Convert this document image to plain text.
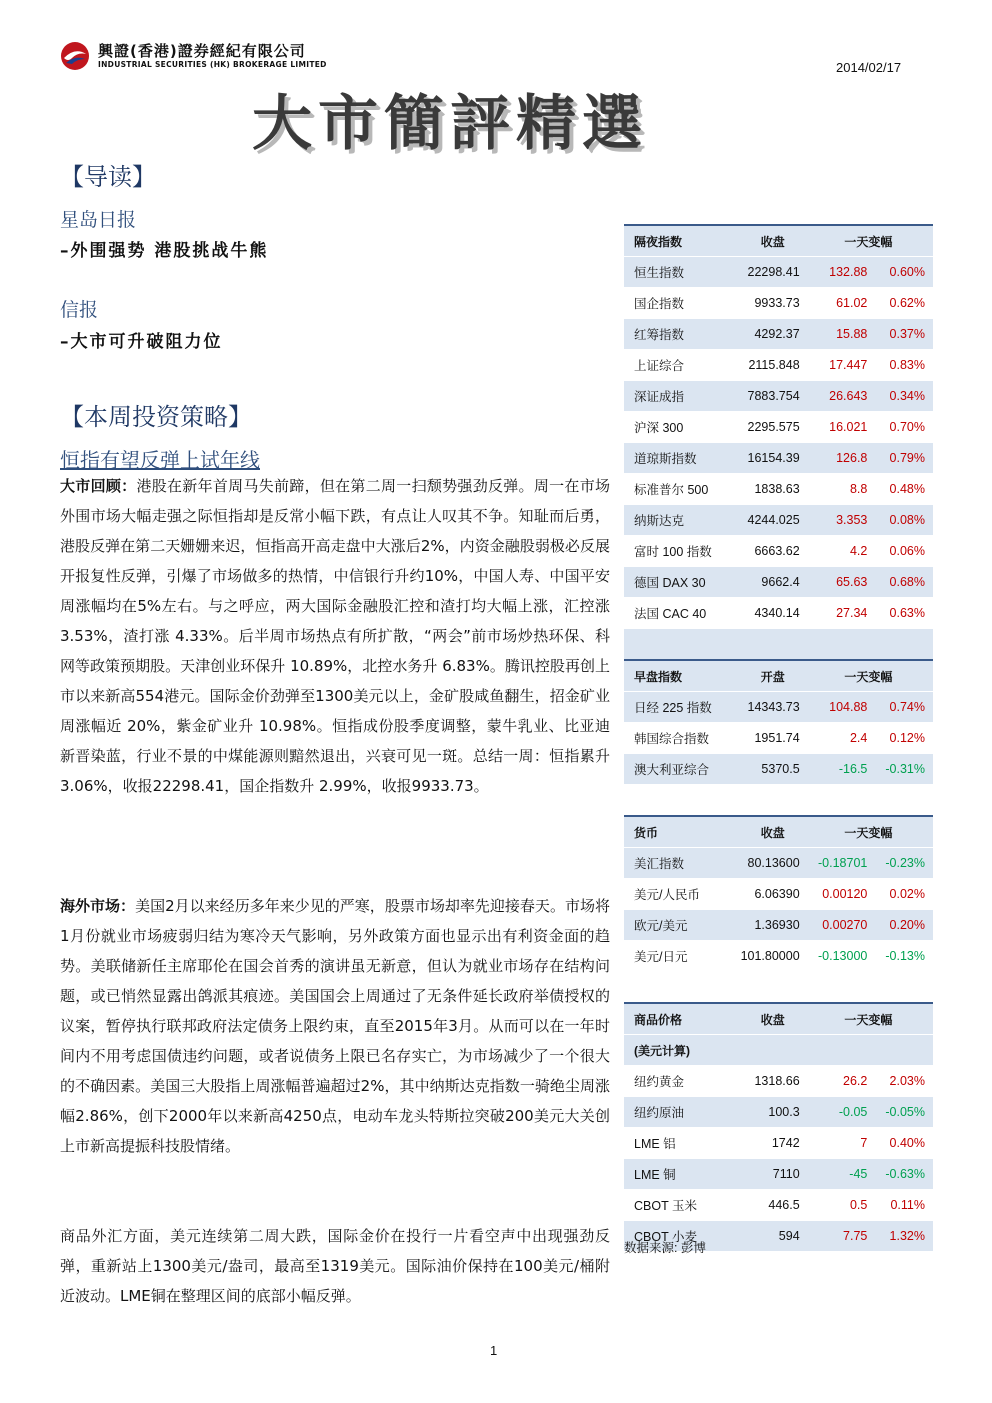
興證(香港)證券經紀有限公司
INDUSTRIAL SECURITIES (HK) BROKERAGE LIMITED	2014/02/17
大市簡評精選
【导读】
星岛日报
–外围强势 港股挑战牛熊
信报
–大市可升破阻力位
【本周投资策略】
恒指有望反弹上试年线

大市回顾：港股在新年首周马失前蹄，但在第二周一扫颓势强劲反弹。周一在市场外围市场大幅走强之际恒指却是反常小幅下跌，有点让人叹其不争。知耻而后勇，港股反弹在第二天姗姗来迟，恒指高开高走盘中大涨后2%，内资金融股弱极必反展开报复性反弹，引爆了市场做多的热情，中信银行升约10%，中国人寿、中国平安周涨幅均在5%左右。与之呼应，两大国际金融股汇控和渣打均大幅上涨，汇控涨 3.53%，渣打涨 4.33%。后半周市场热点有所扩散，“两会”前市场炒热环保、科网等政策预期股。天津创业环保升 10.89%，北控水务升 6.83%。腾讯控股再创上市以来新高554港元。国际金价劲弹至1300美元以上，金矿股咸鱼翻生，招金矿业周涨幅近 20%，紫金矿业升 10.98%。恒指成份股季度调整，蒙牛乳业、比亚迪新晋染蓝，行业不景的中煤能源则黯然退出，兴衰可见一斑。总结一周：恒指累升 3.06%，收报22298.41，国企指数升 2.99%，收报9933.73。

海外市场：美国2月以来经历多年来少见的严寒，股票市场却率先迎接春天。市场将1月份就业市场疲弱归结为寒冷天气影响，另外政策方面也显示出有利资金面的趋势。美联储新任主席耶伦在国会首秀的演讲虽无新意，但认为就业市场存在结构问题，或已悄然显露出鸽派其痕迹。美国国会上周通过了无条件延长政府举债授权的议案，暂停执行联邦政府法定债务上限约束，直至2015年3月。从而可以在一年时间内不用考虑国债违约问题，或者说债务上限已名存实亡，为市场减少了一个很大的不确因素。美国三大股指上周涨幅普遍超过2%，其中纳斯达克指数一骑绝尘周涨幅2.86%，创下2000年以来新高4250点，电动车龙头特斯拉突破200美元大关创上市新高提振科技股情绪。

商品外汇方面，美元连续第二周大跌，国际金价在投行一片看空声中出现强劲反弹，重新站上1300美元/盎司，最高至1319美元。国际油价保持在100美元/桶附近波动。LME铜在整理区间的底部小幅反弹。

隔夜指数	收盘	一天变幅	
恒生指数	22298.41	132.88	0.60%
国企指数	9933.73	61.02	0.62%
红筹指数	4292.37	15.88	0.37%
上证综合	2115.848	17.447	0.83%
深证成指	7883.754	26.643	0.34%
沪深 300	2295.575	16.021	0.70%
道琼斯指数	16154.39	126.8	0.79%
标准普尔 500	1838.63	8.8	0.48%
纳斯达克	4244.025	3.353	0.08%
富时 100 指数	6663.62	4.2	0.06%
德国 DAX 30	9662.4	65.63	0.68%
法国 CAC 40	4340.14	27.34	0.63%

早盘指数	开盘	一天变幅	
日经 225 指数	14343.73	104.88	0.74%
韩国综合指数	1951.74	2.4	0.12%
澳大利亚综合	5370.5	-16.5	-0.31%

货币	收盘	一天变幅	
美汇指数	80.13600	-0.18701	-0.23%
美元/人民币	6.06390	0.00120	0.02%
欧元/美元	1.36930	0.00270	0.20%
美元/日元	101.80000	-0.13000	-0.13%

商品价格	收盘	一天变幅	
(美元计算)			
纽约黄金	1318.66	26.2	2.03%
纽约原油	100.3	-0.05	-0.05%
LME 铝	1742	7	0.40%
LME 铜	7110	-45	-0.63%
CBOT 玉米	446.5	0.5	0.11%
CBOT 小麦	594	7.75	1.32%
数据来源: 彭博
1
